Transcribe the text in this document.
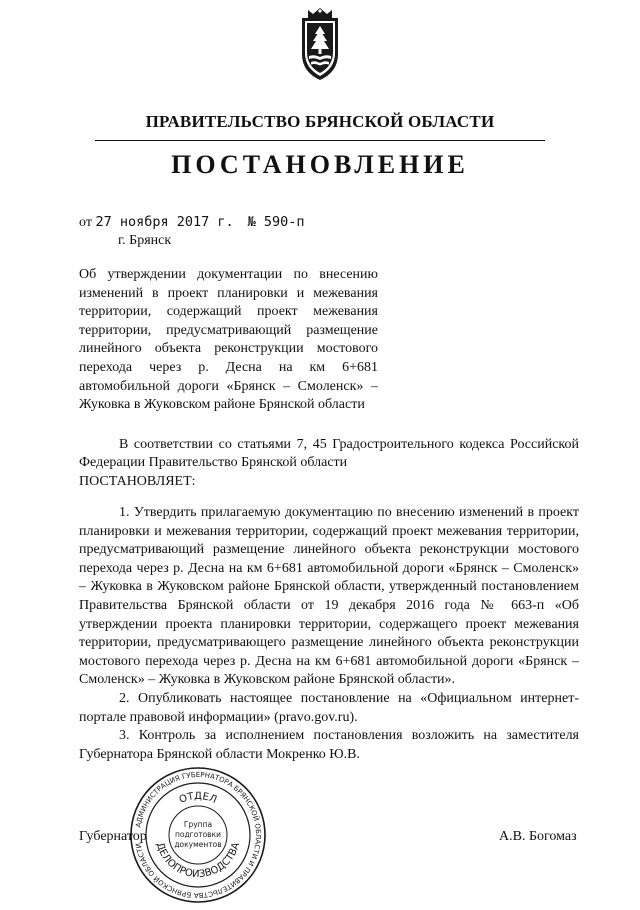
ПРАВИТЕЛЬСТВО БРЯНСКОЙ ОБЛАСТИ
ПОСТАНОВЛЕНИЕ
от 27 ноября 2017 г. № 590-п
г. Брянск
Об утверждении документации по внесению изменений в проект планировки и межевания территории, содержащий проект межевания территории, предусматривающий размещение линейного объекта реконструкции мостового перехода через р. Десна на км 6+681 автомобильной дороги «Брянск – Смоленск» – Жуковка в Жуковском районе Брянской области
В соответствии со статьями 7, 45 Градостроительного кодекса Российской Федерации Правительство Брянской области
ПОСТАНОВЛЯЕТ:

1. Утвердить прилагаемую документацию по внесению изменений в проект планировки и межевания территории, содержащий проект межевания территории, предусматривающий размещение линейного объекта реконструкции мостового перехода через р. Десна на км 6+681 автомобильной дороги «Брянск – Смоленск» – Жуковка в Жуковском районе Брянской области, утвержденный постановлением Правительства Брянской области от 19 декабря 2016 года № 663-п «Об утверждении проекта планировки территории, содержащего проект межевания территории, предусматривающего размещение линейного объекта реконструкции мостового перехода через р. Десна на км 6+681 автомобильной дороги «Брянск – Смоленск» – Жуковка в Жуковском районе Брянской области».

2. Опубликовать настоящее постановление на «Официальном интернет-портале правовой информации» (pravo.gov.ru).

3. Контроль за исполнением постановления возложить на заместителя Губернатора Брянской области Мокренко Ю.В.

Губернатор	А.В. Богомаз
АДМИНИСТРАЦИЯ ГУБЕРНАТОРА БРЯНСКОЙ ОБЛАСТИ И ПРАВИТЕЛЬСТВА БРЯНСКОЙ ОБЛАСТИ
ОТДЕЛ
ДЕЛОПРОИЗВОДСТВА
Группа
подготовки
документов
